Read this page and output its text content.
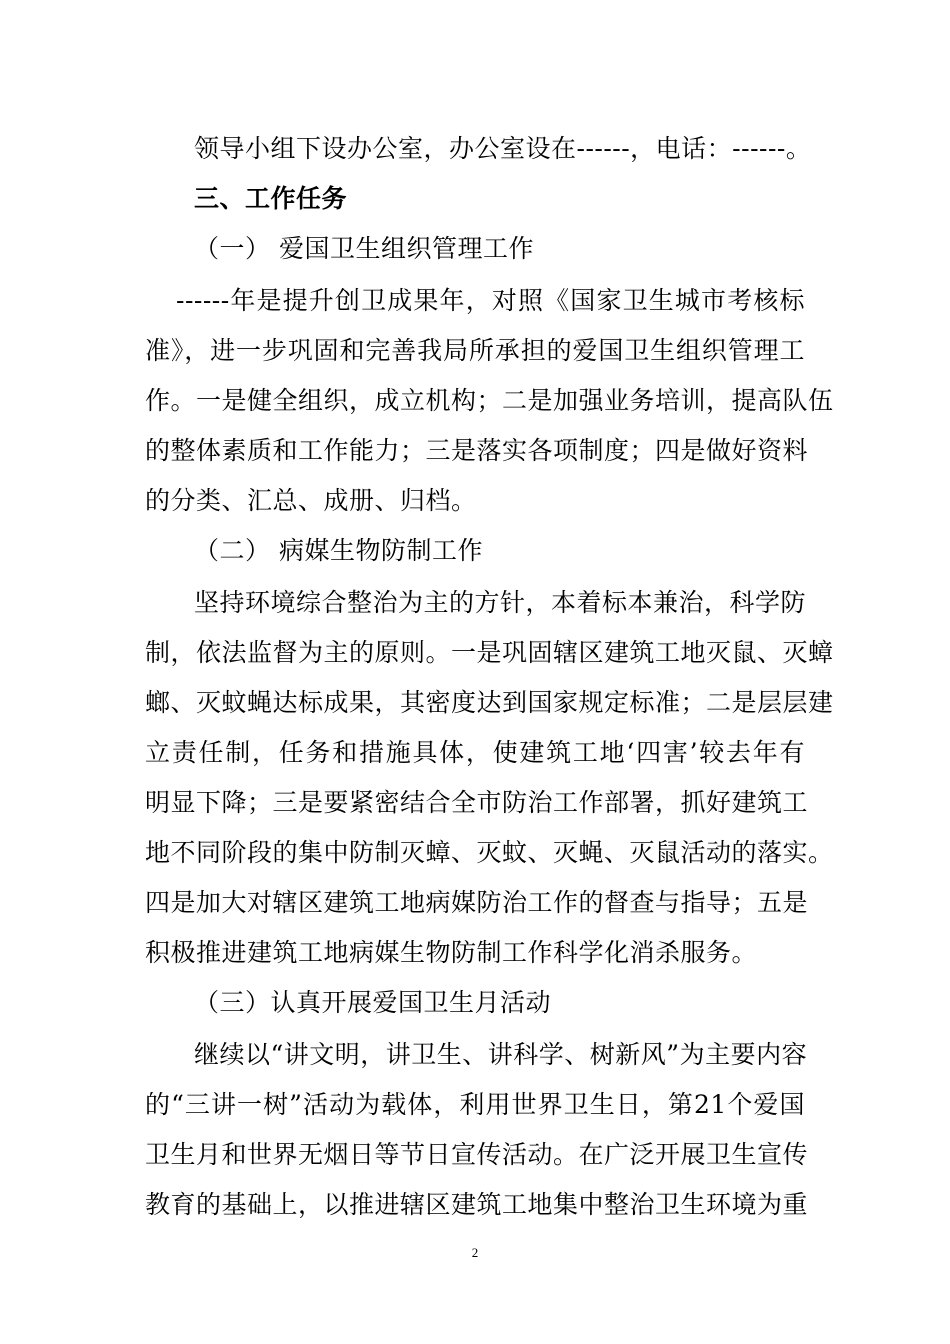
领导小组下设办公室，办公室设在------，电话：------。
三、工作任务
（一） 爱国卫生组织管理工作
------年是提升创卫成果年，对照《国家卫生城市考核标
准》，进一步巩固和完善我局所承担的爱国卫生组织管理工
作。一是健全组织，成立机构；二是加强业务培训，提高队伍
的整体素质和工作能力；三是落实各项制度；四是做好资料
的分类、汇总、成册、归档。
（二） 病媒生物防制工作
坚持环境综合整治为主的方针，本着标本兼治，科学防
制，依法监督为主的原则。一是巩固辖区建筑工地灭鼠、灭蟑
螂、灭蚊蝇达标成果，其密度达到国家规定标准；二是层层建
立责任制，任务和措施具体，使建筑工地‘四害’较去年有
明显下降；三是要紧密结合全市防治工作部署，抓好建筑工
地不同阶段的集中防制灭蟑、灭蚊、灭蝇、灭鼠活动的落实。
四是加大对辖区建筑工地病媒防治工作的督查与指导；五是
积极推进建筑工地病媒生物防制工作科学化消杀服务。
（三）认真开展爱国卫生月活动
继续以“讲文明，讲卫生、讲科学、树新风”为主要内容
的“三讲一树”活动为载体，利用世界卫生日，第21个爱国
卫生月和世界无烟日等节日宣传活动。在广泛开展卫生宣传
教育的基础上，以推进辖区建筑工地集中整治卫生环境为重
2
